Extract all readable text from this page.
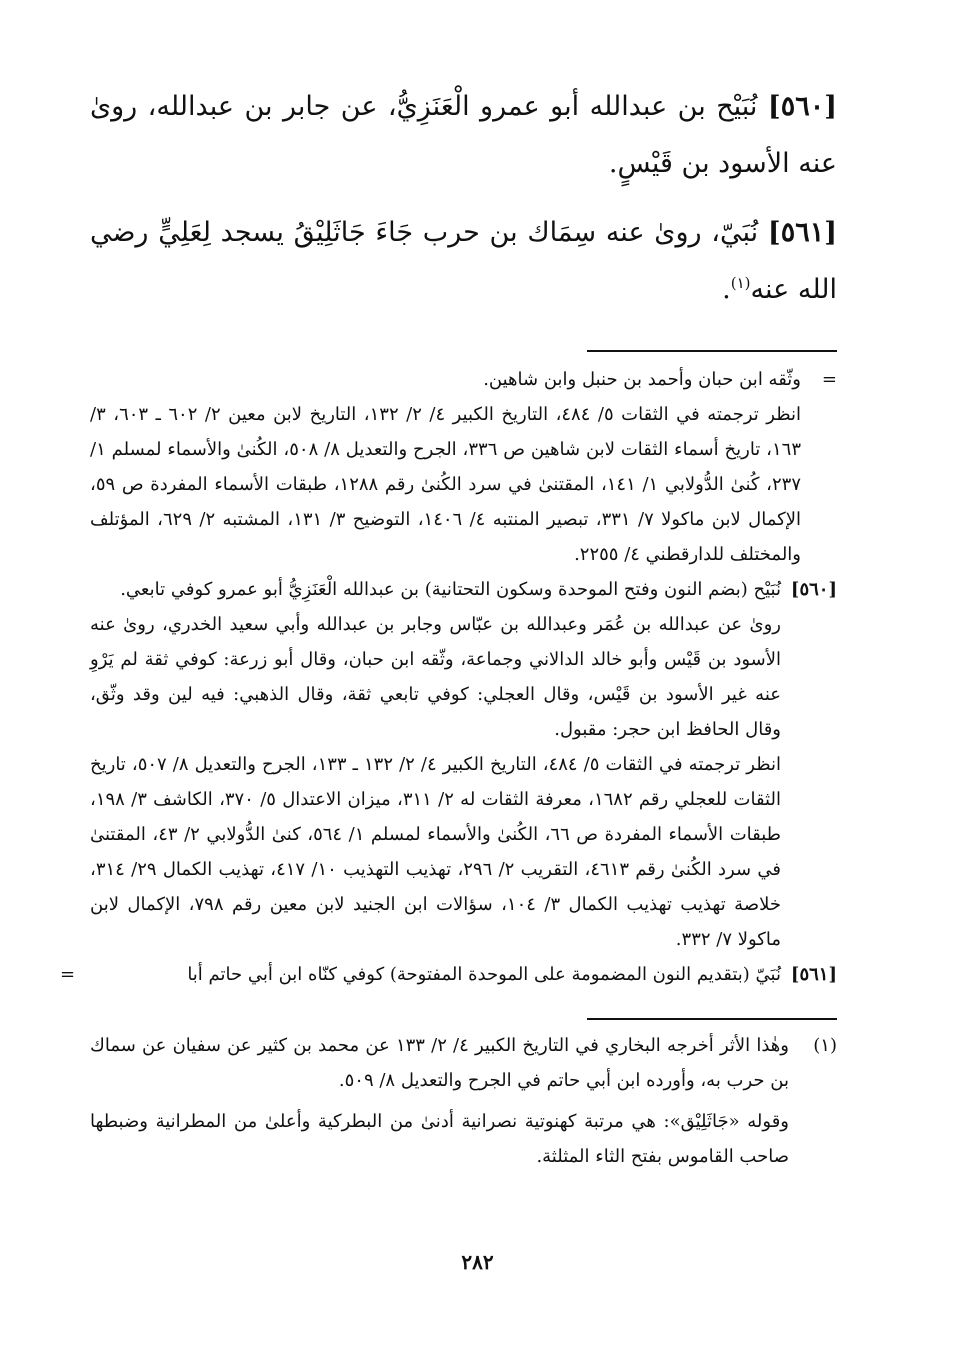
[٥٦٠] نُبَيْح بن عبدالله أبو عمرو الْعَنَزِيُّ، عن جابر بن عبدالله، روىٰ عنه الأسود بن قَيْسٍ.

[٥٦١] نُبَيّ، روىٰ عنه سِمَاك بن حرب جَاءَ جَاثَلِيْقُ يسجد لِعَلِيٍّ رضي الله عنه$^{(١)}$.

=

وثّقه ابن حبان وأحمد بن حنبل وابن شاهين.

انظر ترجمته في الثقات ٥/ ٤٨٤، التاريخ الكبير ٤/ ٢/ ١٣٢، التاريخ لابن معين ٢/ ٦٠٢ ـ ٦٠٣، ٣/ ١٦٣، تاريخ أسماء الثقات لابن شاهين ص ٣٣٦، الجرح والتعديل ٨/ ٥٠٨، الكُنىٰ والأسماء لمسلم ١/ ٢٣٧، كُنىٰ الدُّولابي ١/ ١٤١، المقتنىٰ في سرد الكُنىٰ رقم ١٢٨٨، طبقات الأسماء المفردة ص ٥٩، الإكمال لابن ماكولا ٧/ ٣٣١، تبصير المنتبه ٤/ ١٤٠٦، التوضيح ٣/ ١٣١، المشتبه ٢/ ٦٢٩، المؤتلف والمختلف للدارقطني ٤/ ٢٢٥٥.

[٥٦٠]

نُبَيْح (بضم النون وفتح الموحدة وسكون التحتانية) بن عبدالله الْعَنَزِيُّ أبو عمرو كوفي تابعي.

روىٰ عن عبدالله بن عُمَر وعبدالله بن عبّاس وجابر بن عبدالله وأبي سعيد الخدري، روىٰ عنه الأسود بن قَيْس وأبو خالد الدالاني وجماعة، وثّقه ابن حبان، وقال أبو زرعة: كوفي ثقة لم يَرْوِ عنه غير الأسود بن قَيْس، وقال العجلي: كوفي تابعي ثقة، وقال الذهبي: فيه لين وقد وثّق، وقال الحافظ ابن حجر: مقبول.

انظر ترجمته في الثقات ٥/ ٤٨٤، التاريخ الكبير ٤/ ٢/ ١٣٢ ـ ١٣٣، الجرح والتعديل ٨/ ٥٠٧، تاريخ الثقات للعجلي رقم ١٦٨٢، معرفة الثقات له ٢/ ٣١١، ميزان الاعتدال ٥/ ٣٧٠، الكاشف ٣/ ١٩٨، طبقات الأسماء المفردة ص ٦٦، الكُنىٰ والأسماء لمسلم ١/ ٥٦٤، كنىٰ الدُّولابي ٢/ ٤٣، المقتنىٰ في سرد الكُنىٰ رقم ٤٦١٣، التقريب ٢/ ٢٩٦، تهذيب التهذيب ١٠/ ٤١٧، تهذيب الكمال ٢٩/ ٣١٤، خلاصة تهذيب تهذيب الكمال ٣/ ١٠٤، سؤالات ابن الجنيد لابن معين رقم ٧٩٨، الإكمال لابن ماكولا ٧/ ٣٣٢.

[٥٦١]
=	نُبَيّ (بتقديم النون المضمومة على الموحدة المفتوحة) كوفي كنّاه ابن أبي حاتم أبا

(١)

وهٰذا الأثر أخرجه البخاري في التاريخ الكبير ٤/ ٢/ ١٣٣ عن محمد بن كثير عن سفيان عن سماك بن حرب به، وأورده ابن أبي حاتم في الجرح والتعديل ٨/ ٥٠٩.

وقوله «جَاثَلِيْق»: هي مرتبة كهنوتية نصرانية أدنىٰ من البطركية وأعلىٰ من المطرانية وضبطها صاحب القاموس بفتح الثاء المثلثة.

٢٨٢
